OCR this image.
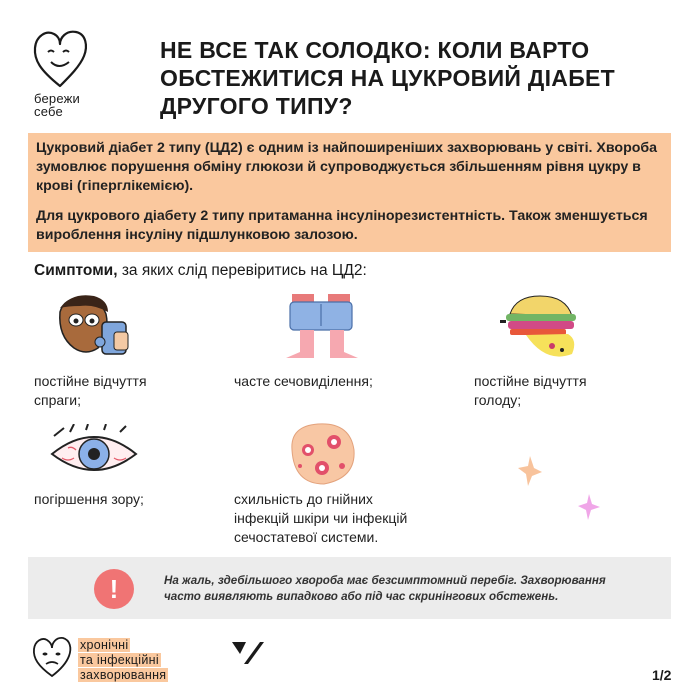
бережи
себе
НЕ ВСЕ ТАК СОЛОДКО: КОЛИ ВАРТО ОБСТЕЖИТИСЯ НА ЦУКРОВИЙ ДІАБЕТ ДРУГОГО ТИПУ?

Цукровий діабет 2 типу (ЦД2) є одним із найпоширеніших захворювань у світі. Хвороба зумовлює порушення обміну глюкози й супроводжується збільшенням рівня цукру в крові (гіперглікемією).

Для цукрового діабету 2 типу притаманна інсулінорезистентність. Також зменшується вироблення інсуліну підшлунковою залозою.

Симптоми, за яких слід перевіритись на ЦД2:
постійне відчуття
спраги;
часте сечовиділення;	постійне відчуття
голоду;
погіршення зору;	схильність до гнійних
інфекцій шкіри чи інфекцій
сечостатевої системи.
!	На жаль, здебільшого хвороба має безсимптомний перебіг. Захворювання
часто виявляють випадково або під час скринінгових обстежень.
хронічні
та інфекційні
захворювання	1/2
